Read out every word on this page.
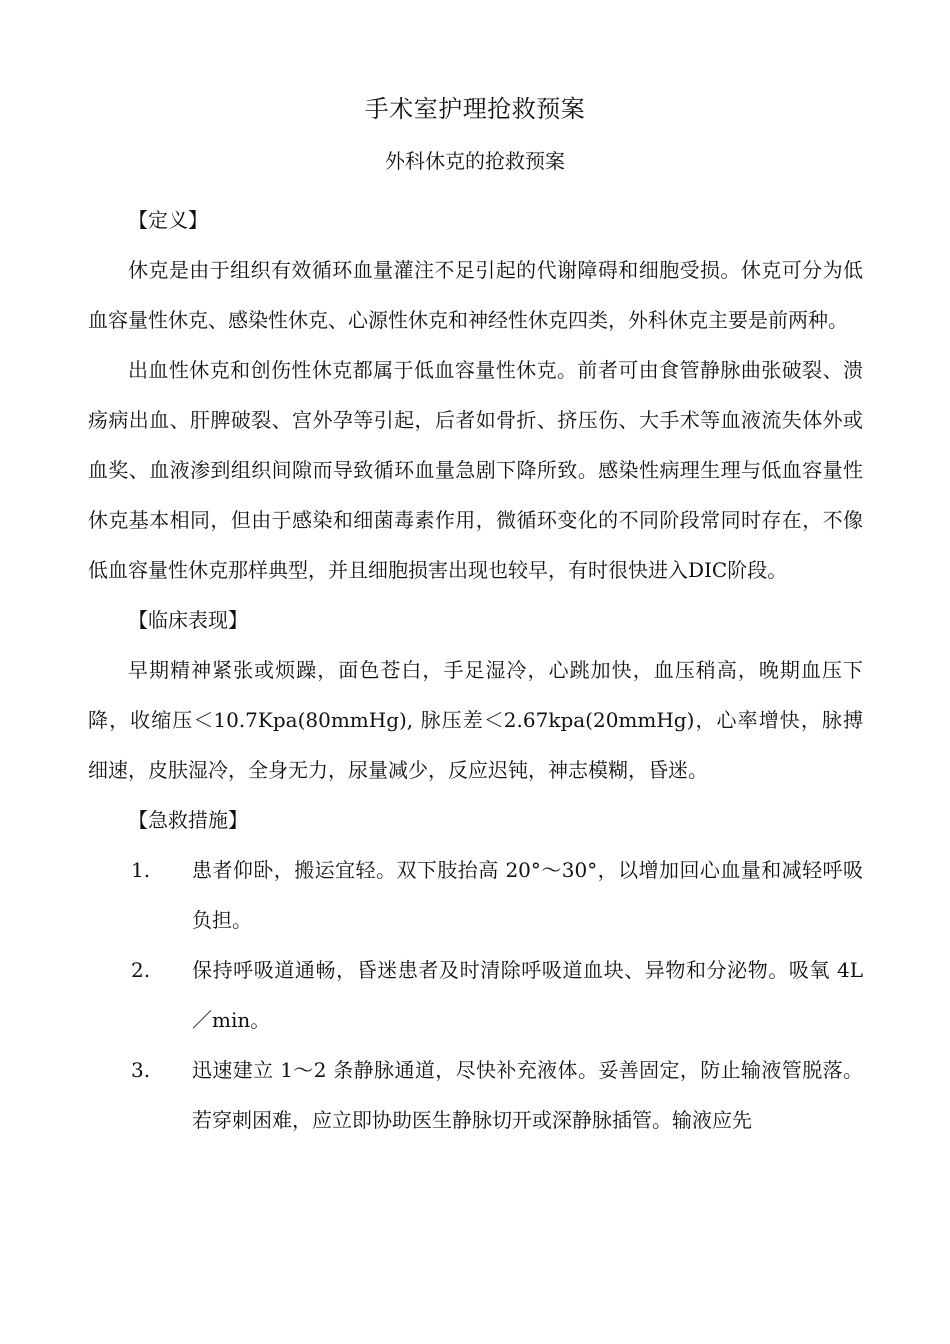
手术室护理抢救预案
外科休克的抢救预案

【定义】

休克是由于组织有效循环血量灌注不足引起的代谢障碍和细胞受损。休克可分为低血容量性休克、感染性休克、心源性休克和神经性休克四类，外科休克主要是前两种。

出血性休克和创伤性休克都属于低血容量性休克。前者可由食管静脉曲张破裂、溃疡病出血、肝脾破裂、宫外孕等引起，后者如骨折、挤压伤、大手术等血液流失体外或血奖、血液渗到组织间隙而导致循环血量急剧下降所致。感染性病理生理与低血容量性休克基本相同，但由于感染和细菌毒素作用，微循环变化的不同阶段常同时存在，不像低血容量性休克那样典型，并且细胞损害出现也较早，有时很快进入DIC阶段。

【临床表现】

早期精神紧张或烦躁，面色苍白，手足湿冷，心跳加快，血压稍高，晚期血压下降，收缩压＜10.7Kpa(80mmHg), 脉压差＜2.67kpa(20mmHg)，心率增快，脉搏细速，皮肤湿冷，全身无力，尿量减少，反应迟钝，神志模糊，昏迷。

【急救措施】

1. 患者仰卧，搬运宜轻。双下肢抬高 20°～30°，以增加回心血量和减轻呼吸负担。
2. 保持呼吸道通畅，昏迷患者及时清除呼吸道血块、异物和分泌物。吸氧 4L／min。
3. 迅速建立 1～2 条静脉通道，尽快补充液体。妥善固定，防止输液管脱落。若穿刺困难，应立即协助医生静脉切开或深静脉插管。输液应先
